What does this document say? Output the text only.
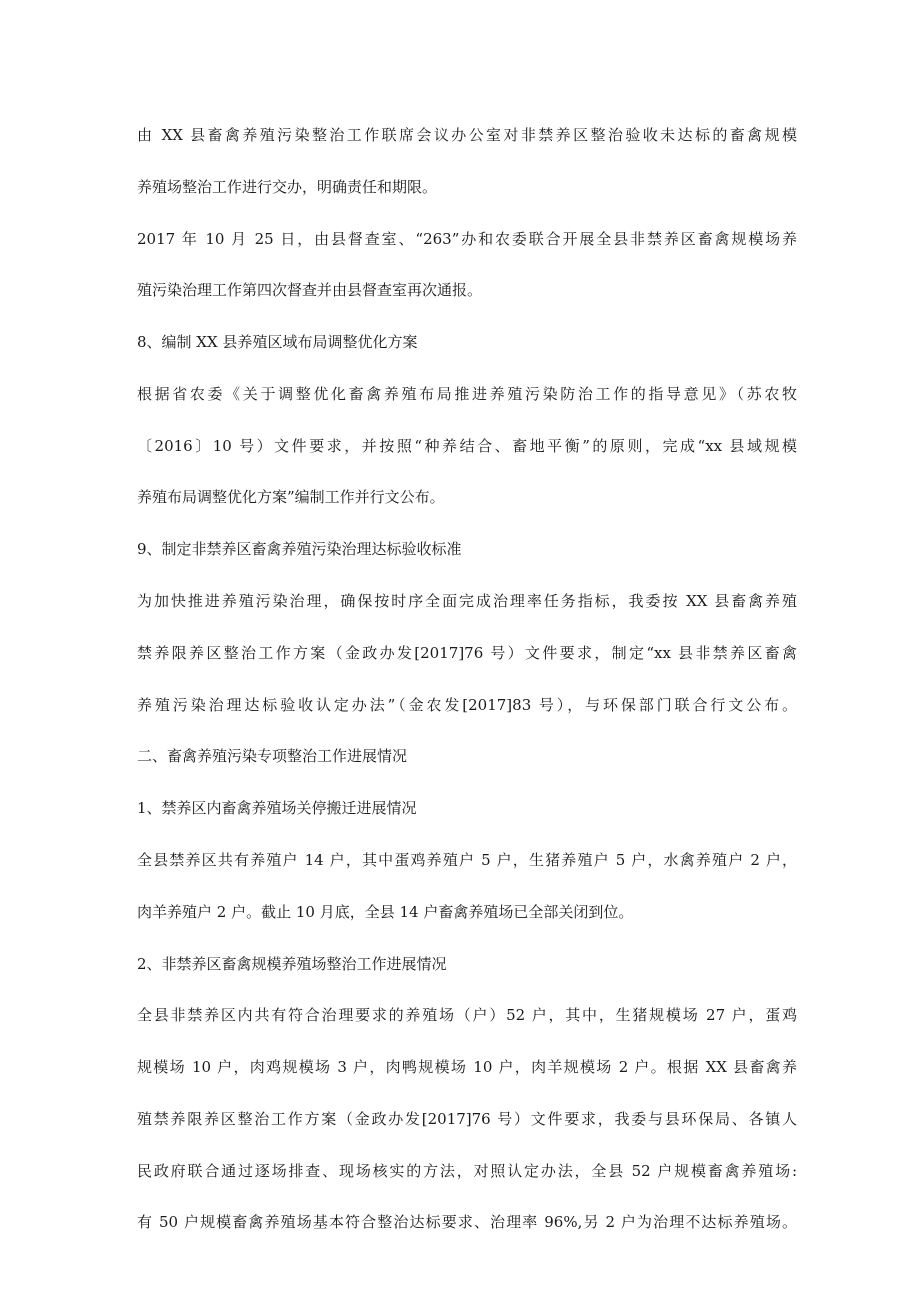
由 XX 县畜禽养殖污染整治工作联席会议办公室对非禁养区整治验收未达标的畜禽规模

养殖场整治工作进行交办，明确责任和期限。

2017 年 10 月 25 日，由县督查室、“263”办和农委联合开展全县非禁养区畜禽规模场养

殖污染治理工作第四次督查并由县督查室再次通报。

8、编制 XX 县养殖区域布局调整优化方案

根据省农委《关于调整优化畜禽养殖布局推进养殖污染防治工作的指导意见》（苏农牧

〔2016〕10 号）文件要求，并按照“种养结合、畜地平衡”的原则，完成“xx 县域规模

养殖布局调整优化方案”编制工作并行文公布。

9、制定非禁养区畜禽养殖污染治理达标验收标准

为加快推进养殖污染治理，确保按时序全面完成治理率任务指标，我委按 XX 县畜禽养殖

禁养限养区整治工作方案（金政办发[2017]76 号）文件要求，制定“xx 县非禁养区畜禽

养殖污染治理达标验收认定办法”（金农发[2017]83 号），与环保部门联合行文公布。

二、畜禽养殖污染专项整治工作进展情况

1、禁养区内畜禽养殖场关停搬迁进展情况

全县禁养区共有养殖户 14 户，其中蛋鸡养殖户 5 户，生猪养殖户 5 户，水禽养殖户 2 户，

肉羊养殖户 2 户。截止 10 月底，全县 14 户畜禽养殖场已全部关闭到位。

2、非禁养区畜禽规模养殖场整治工作进展情况

全县非禁养区内共有符合治理要求的养殖场（户）52 户，其中，生猪规模场 27 户，蛋鸡

规模场 10 户，肉鸡规模场 3 户，肉鸭规模场 10 户，肉羊规模场 2 户。根据 XX 县畜禽养

殖禁养限养区整治工作方案（金政办发[2017]76 号）文件要求，我委与县环保局、各镇人

民政府联合通过逐场排查、现场核实的方法，对照认定办法，全县 52 户规模畜禽养殖场:

有 50 户规模畜禽养殖场基本符合整治达标要求、治理率 96%,另 2 户为治理不达标养殖场。
